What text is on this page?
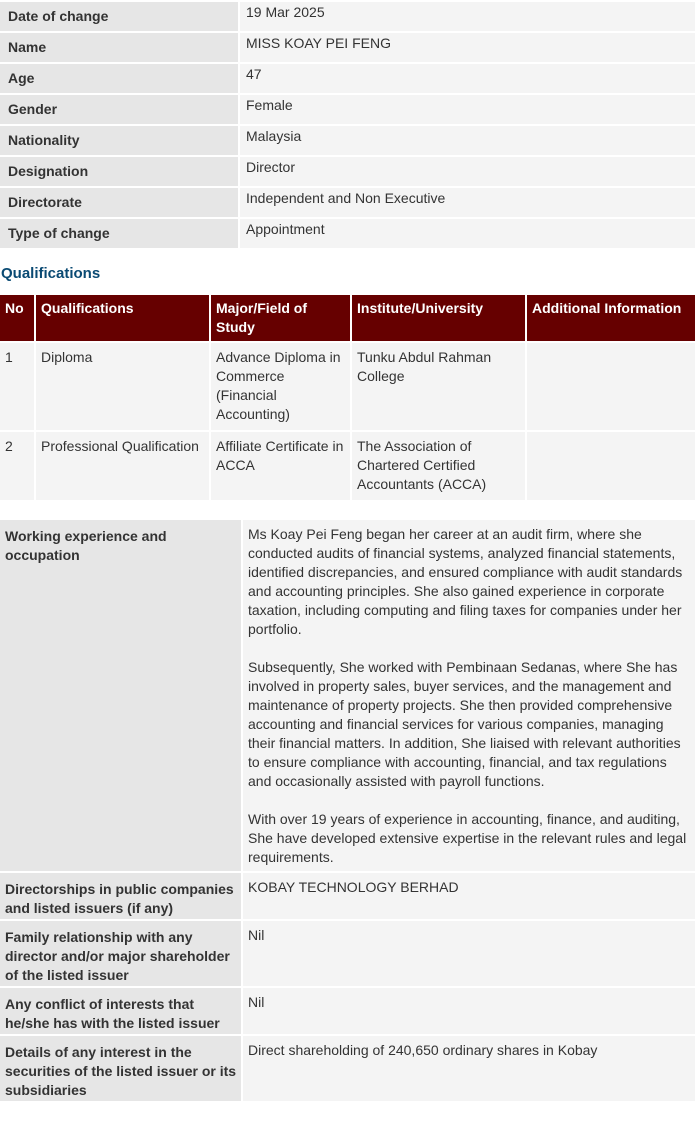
Date of change	19 Mar 2025
Name	MISS KOAY PEI FENG
Age	47
Gender	Female
Nationality	Malaysia
Designation	Director
Directorate	Independent and Non Executive
Type of change	Appointment
Qualifications
No	Qualifications	Major/Field of Study	Institute/University	Additional Information
1	Diploma	Advance Diploma in Commerce (Financial Accounting)	Tunku Abdul Rahman College	
2	Professional Qualification	Affiliate Certificate in ACCA	The Association of Chartered Certified Accountants (ACCA)	
Working experience and occupation	Ms Koay Pei Feng began her career at an audit firm, where she conducted audits of financial systems, analyzed financial statements, identified discrepancies, and ensured compliance with audit standards and accounting principles. She also gained experience in corporate taxation, including computing and filing taxes for companies under her portfolio.

Subsequently, She worked with Pembinaan Sedanas, where She has involved in property sales, buyer services, and the management and maintenance of property projects. She then provided comprehensive accounting and financial services for various companies, managing their financial matters. In addition, She liaised with relevant authorities to ensure compliance with accounting, financial, and tax regulations and occasionally assisted with payroll functions.

With over 19 years of experience in accounting, finance, and auditing, She have developed extensive expertise in the relevant rules and legal requirements.

Directorships in public companies and listed issuers (if any)	KOBAY TECHNOLOGY BERHAD
Family relationship with any director and/or major shareholder of the listed issuer	Nil
Any conflict of interests that he/she has with the listed issuer	Nil
Details of any interest in the securities of the listed issuer or its subsidiaries	Direct shareholding of 240,650 ordinary shares in Kobay
